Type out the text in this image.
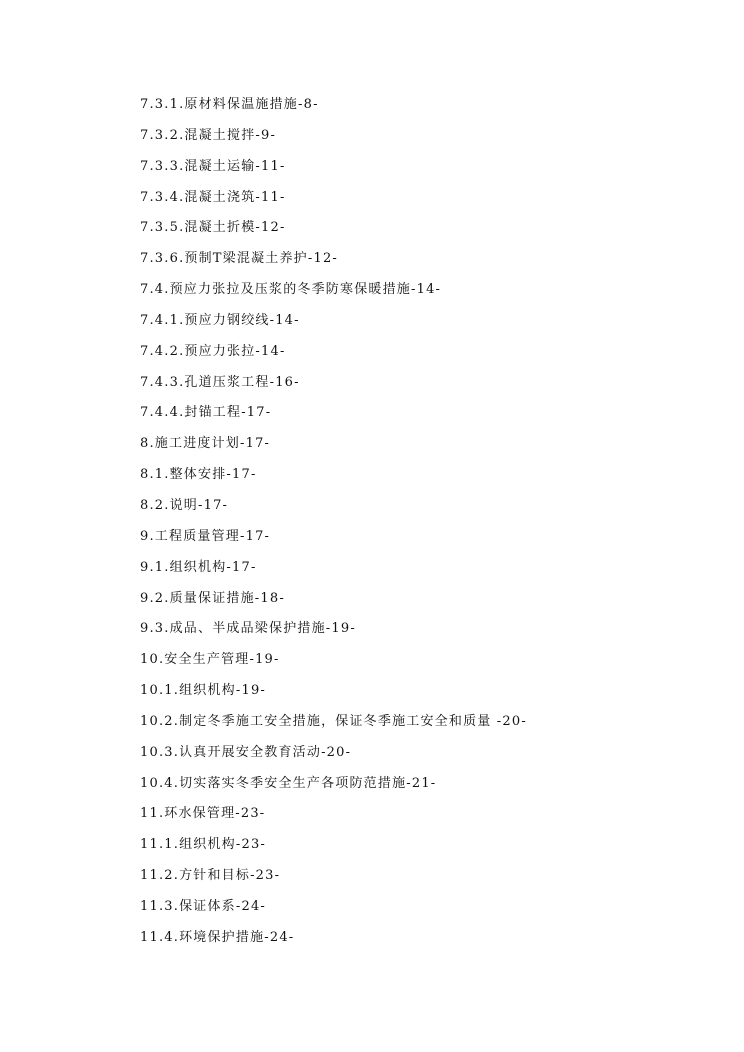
7.3.1.原材料保温施措施-8-
7.3.2.混凝土搅拌-9-
7.3.3.混凝土运输-11-
7.3.4.混凝土浇筑-11-
7.3.5.混凝土折模-12-
7.3.6.预制T梁混凝土养护-12-
7.4.预应力张拉及压浆的冬季防寒保暖措施-14-
7.4.1.预应力钢绞线-14-
7.4.2.预应力张拉-14-
7.4.3.孔道压浆工程-16-
7.4.4.封锚工程-17-
8.施工进度计划-17-
8.1.整体安排-17-
8.2.说明-17-
9.工程质量管理-17-
9.1.组织机构-17-
9.2.质量保证措施-18-
9.3.成品、半成品梁保护措施-19-
10.安全生产管理-19-
10.1.组织机构-19-
10.2.制定冬季施工安全措施，保证冬季施工安全和质量 -20-
10.3.认真开展安全教育活动-20-
10.4.切实落实冬季安全生产各项防范措施-21-
11.环水保管理-23-
11.1.组织机构-23-
11.2.方针和目标-23-
11.3.保证体系-24-
11.4.环境保护措施-24-
